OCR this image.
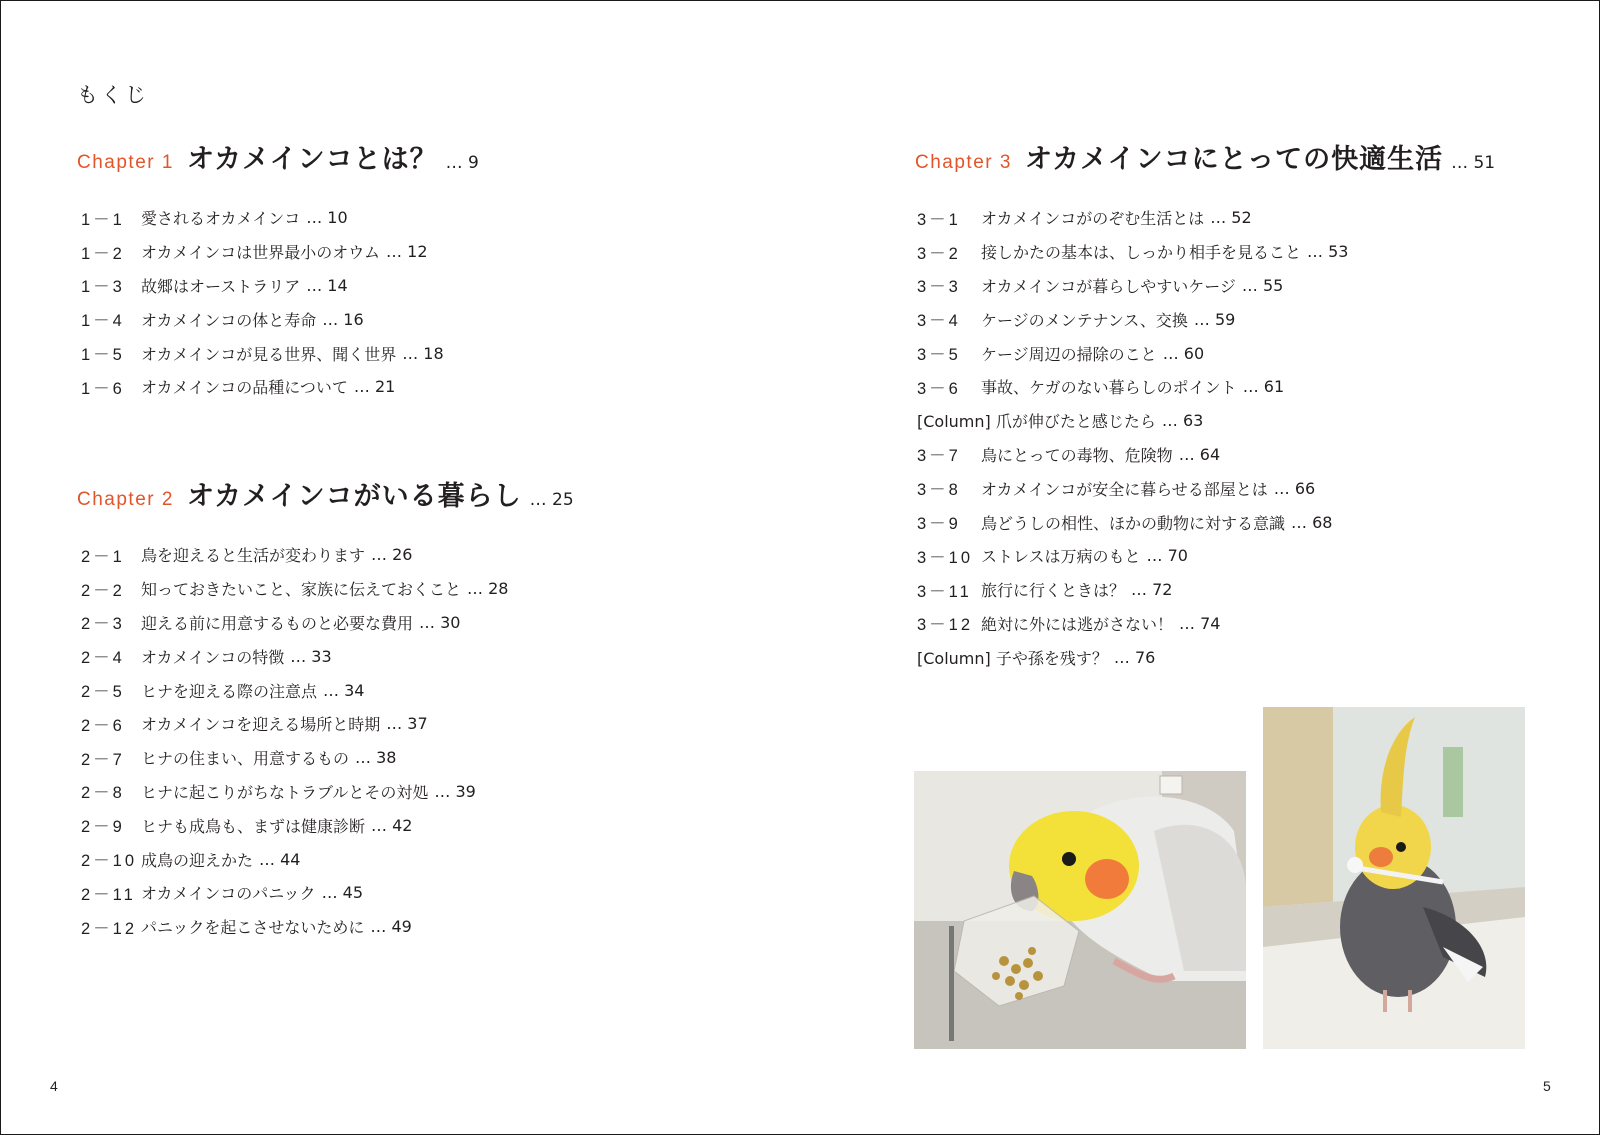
もくじ
Chapter 1 オカメインコとは？ … 9
1－1	愛されるオカメインコ … 10
1－2	オカメインコは世界最小のオウム … 12
1－3	故郷はオーストラリア … 14
1－4	オカメインコの体と寿命 … 16
1－5	オカメインコが見る世界、聞く世界 … 18
1－6	オカメインコの品種について … 21
Chapter 2 オカメインコがいる暮らし … 25
2－1	鳥を迎えると生活が変わります … 26
2－2	知っておきたいこと、家族に伝えておくこと … 28
2－3	迎える前に用意するものと必要な費用 … 30
2－4	オカメインコの特徴 … 33
2－5	ヒナを迎える際の注意点 … 34
2－6	オカメインコを迎える場所と時期 … 37
2－7	ヒナの住まい、用意するもの … 38
2－8	ヒナに起こりがちなトラブルとその対処 … 39
2－9	ヒナも成鳥も、まずは健康診断 … 42
2－10 成鳥の迎えかた … 44
2－11 オカメインコのパニック … 45
2－12 パニックを起こさせないために … 49
Chapter 3 オカメインコにとっての快適生活 … 51
3－1	オカメインコがのぞむ生活とは … 52
3－2	接しかたの基本は、しっかり相手を見ること … 53
3－3	オカメインコが暮らしやすいケージ … 55
3－4	ケージのメンテナンス、交換 … 59
3－5	ケージ周辺の掃除のこと … 60
3－6	事故、ケガのない暮らしのポイント … 61
[Column] 爪が伸びたと感じたら … 63
3－7	鳥にとっての毒物、危険物 … 64
3－8	オカメインコが安全に暮らせる部屋とは … 66
3－9	鳥どうしの相性、ほかの動物に対する意識 … 68
3－10 ストレスは万病のもと … 70
3－11 旅行に行くときは？ … 72
3－12 絶対に外には逃がさない！ … 74
[Column] 子や孫を残す？ … 76
4	5
